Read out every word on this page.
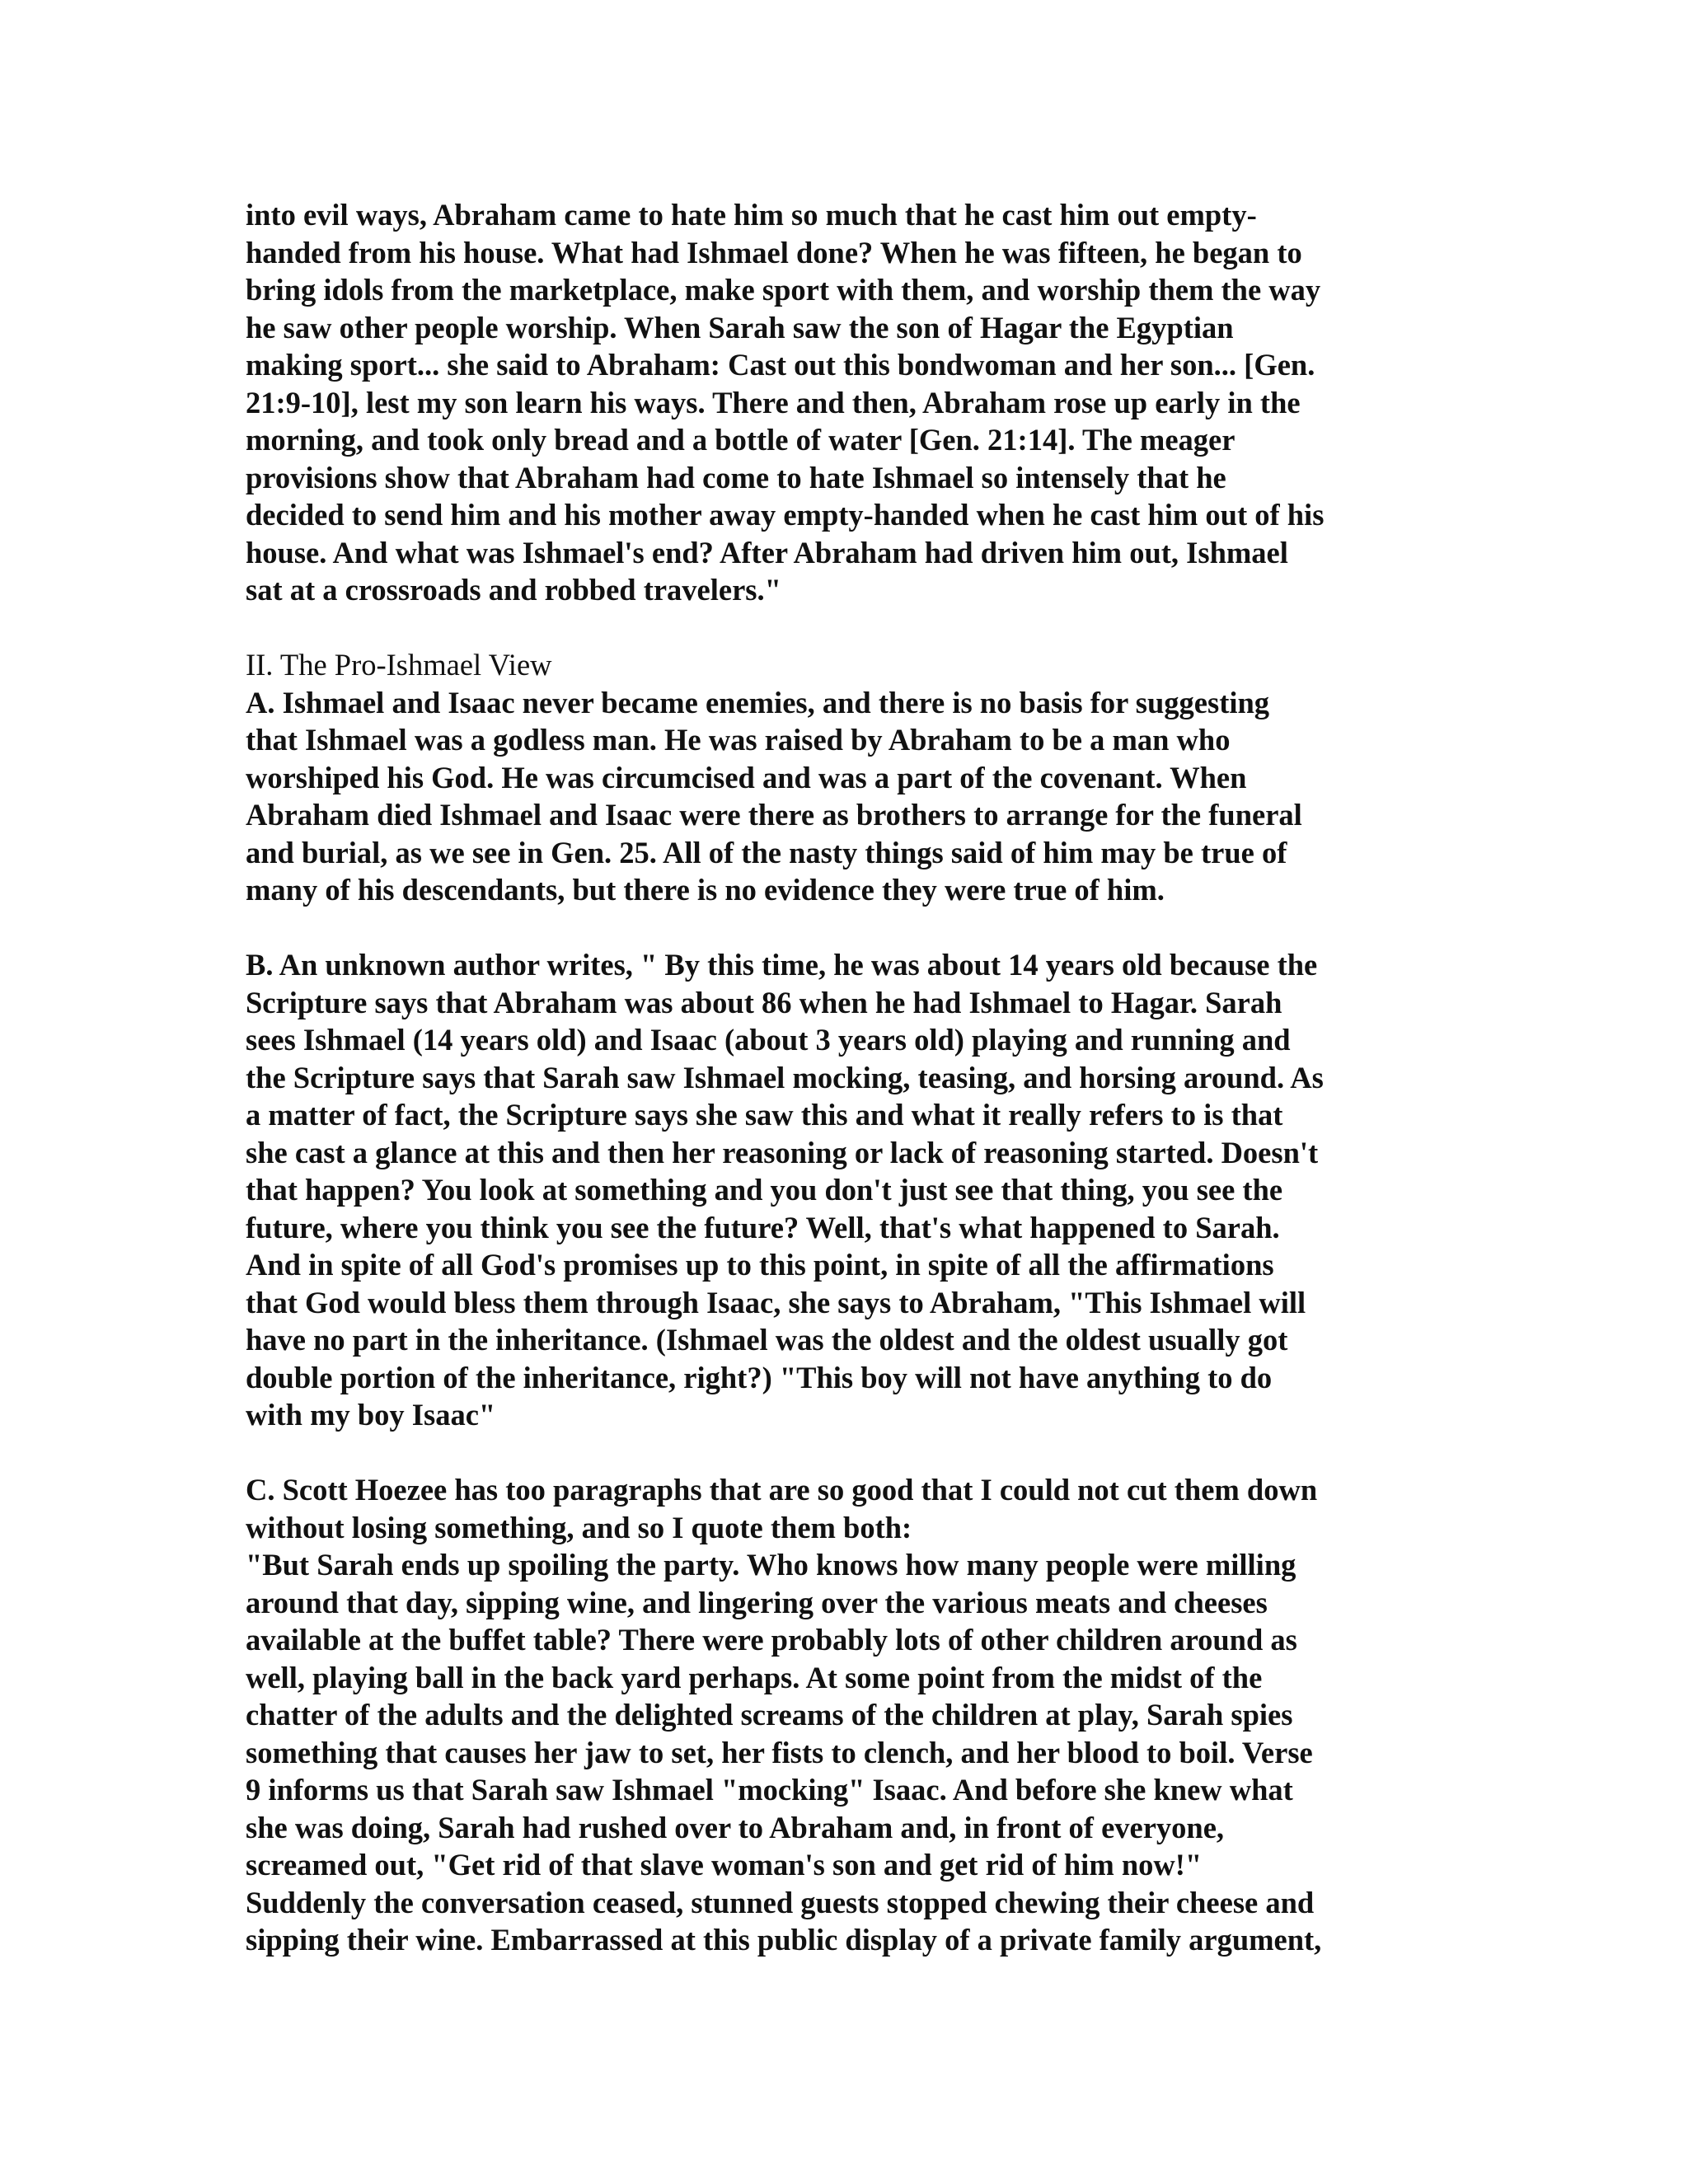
into evil ways, Abraham came to hate him so much that he cast him out empty-
handed from his house. What had Ishmael done? When he was fifteen, he began to
bring idols from the marketplace, make sport with them, and worship them the way
he saw other people worship. When Sarah saw the son of Hagar the Egyptian
making sport... she said to Abraham: Cast out this bondwoman and her son... [Gen.
21:9-10], lest my son learn his ways. There and then, Abraham rose up early in the
morning, and took only bread and a bottle of water [Gen. 21:14]. The meager
provisions show that Abraham had come to hate Ishmael so intensely that he
decided to send him and his mother away empty-handed when he cast him out of his
house. And what was Ishmael's end? After Abraham had driven him out, Ishmael
sat at a crossroads and robbed travelers."
II. The Pro-Ishmael View
A. Ishmael and Isaac never became enemies, and there is no basis for suggesting
that Ishmael was a godless man. He was raised by Abraham to be a man who
worshiped his God. He was circumcised and was a part of the covenant. When
Abraham died Ishmael and Isaac were there as brothers to arrange for the funeral
and burial, as we see in Gen. 25. All of the nasty things said of him may be true of
many of his descendants, but there is no evidence they were true of him.
B. An unknown author writes, " By this time, he was about 14 years old because the
Scripture says that Abraham was about 86 when he had Ishmael to Hagar. Sarah
sees Ishmael (14 years old) and Isaac (about 3 years old) playing and running and
the Scripture says that Sarah saw Ishmael mocking, teasing, and horsing around. As
a matter of fact, the Scripture says she saw this and what it really refers to is that
she cast a glance at this and then her reasoning or lack of reasoning started. Doesn't
that happen? You look at something and you don't just see that thing, you see the
future, where you think you see the future? Well, that's what happened to Sarah.
And in spite of all God's promises up to this point, in spite of all the affirmations
that God would bless them through Isaac, she says to Abraham, "This Ishmael will
have no part in the inheritance. (Ishmael was the oldest and the oldest usually got
double portion of the inheritance, right?) "This boy will not have anything to do
with my boy Isaac"
C. Scott Hoezee has too paragraphs that are so good that I could not cut them down
without losing something, and so I quote them both:
"But Sarah ends up spoiling the party. Who knows how many people were milling
around that day, sipping wine, and lingering over the various meats and cheeses
available at the buffet table? There were probably lots of other children around as
well, playing ball in the back yard perhaps. At some point from the midst of the
chatter of the adults and the delighted screams of the children at play, Sarah spies
something that causes her jaw to set, her fists to clench, and her blood to boil. Verse
9 informs us that Sarah saw Ishmael "mocking" Isaac. And before she knew what
she was doing, Sarah had rushed over to Abraham and, in front of everyone,
screamed out, "Get rid of that slave woman's son and get rid of him now!"
Suddenly the conversation ceased, stunned guests stopped chewing their cheese and
sipping their wine. Embarrassed at this public display of a private family argument,
